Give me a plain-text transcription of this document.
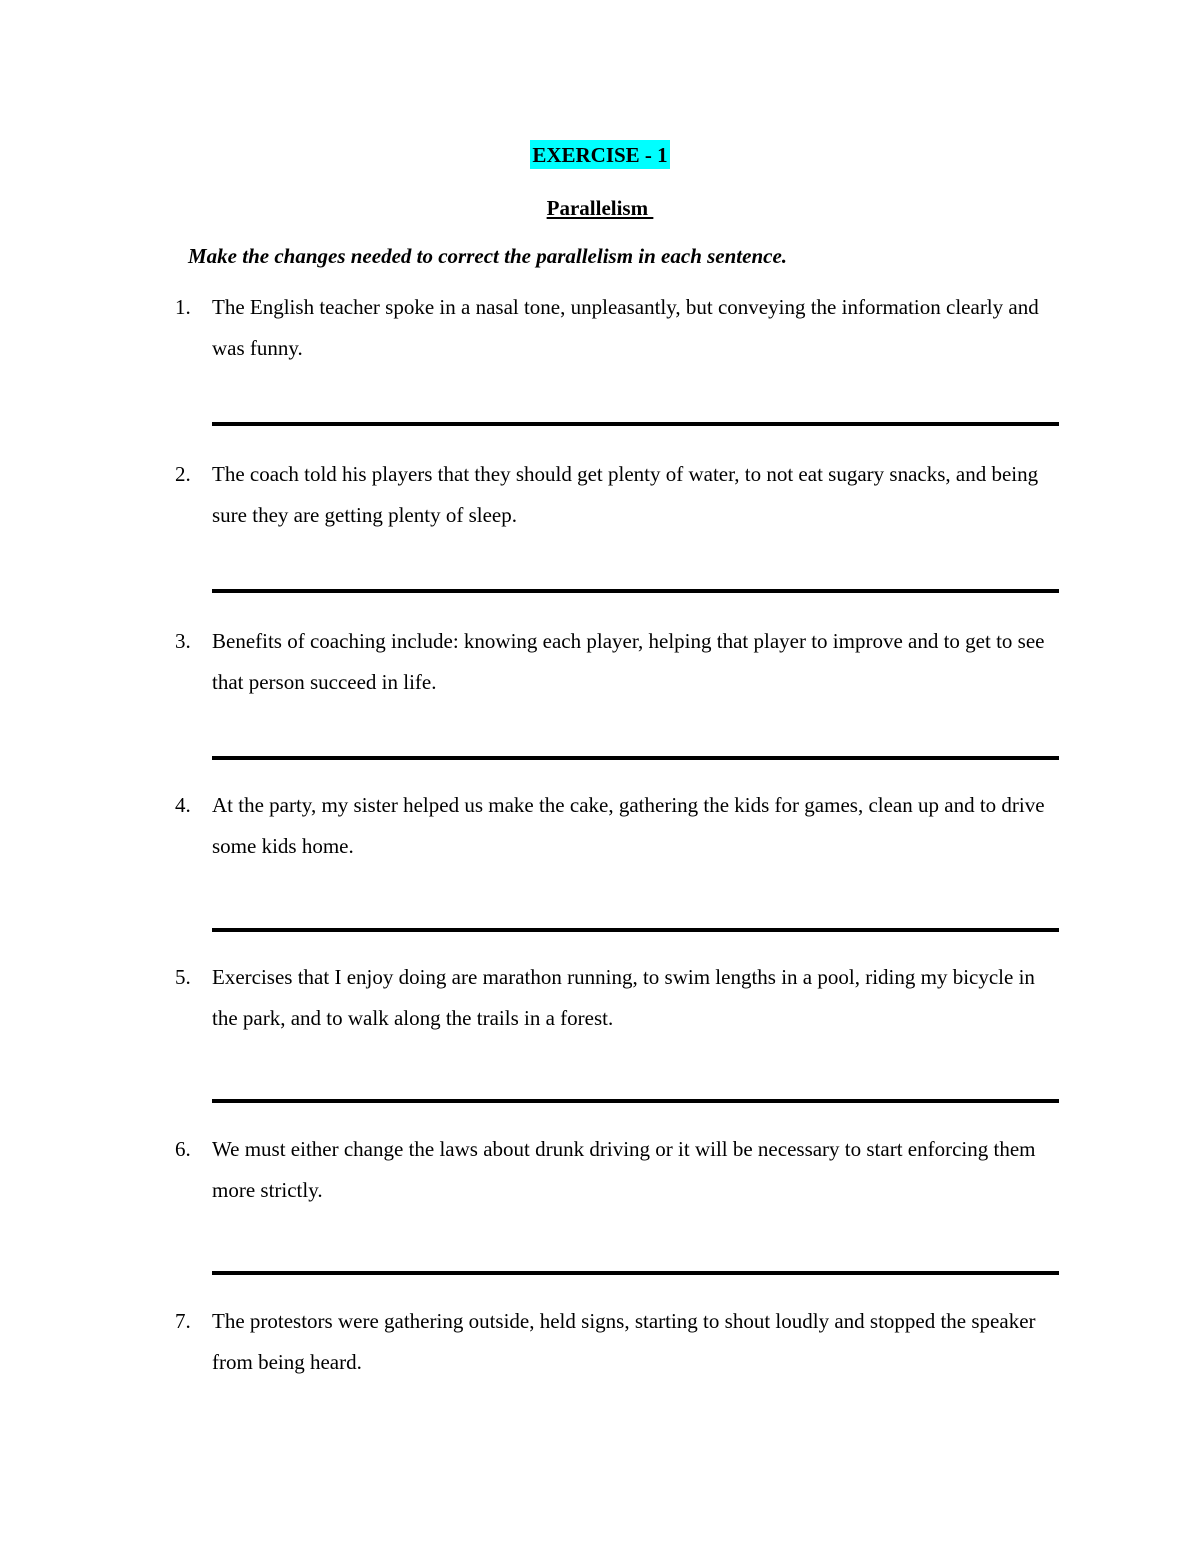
EXERCISE - 1
Parallelism
Make the changes needed to correct the parallelism in each sentence.
1.	The English teacher spoke in a nasal tone, unpleasantly, but conveying the information clearly and was funny.
2.	The coach told his players that they should get plenty of water, to not eat sugary snacks, and being sure they are getting plenty of sleep.
3.	Benefits of coaching include: knowing each player, helping that player to improve and to get to see that person succeed in life.
4.	At the party, my sister helped us make the cake, gathering the kids for games, clean up and to drive some kids home.
5.	Exercises that I enjoy doing are marathon running, to swim lengths in a pool, riding my bicycle in the park, and to walk along the trails in a forest.
6.	We must either change the laws about drunk driving or it will be necessary to start enforcing them more strictly.
7.	The protestors were gathering outside, held signs, starting to shout loudly and stopped the speaker from being heard.
